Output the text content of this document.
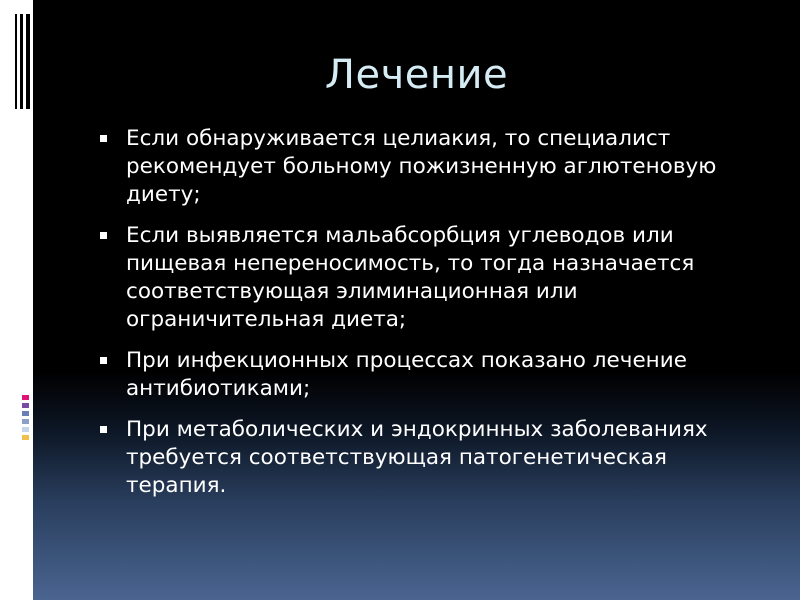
Лечение
Если обнаруживается целиакия, то специалист рекомендует больному пожизненную аглютеновую диету;
Если выявляется мальабсорбция углеводов или пищевая непереносимость, то тогда назначается соответствующая элиминационная или ограничительная диета;
При инфекционных процессах показано лечение антибиотиками;
При метаболических и эндокринных заболеваниях требуется соответствующая патогенетическая терапия.
